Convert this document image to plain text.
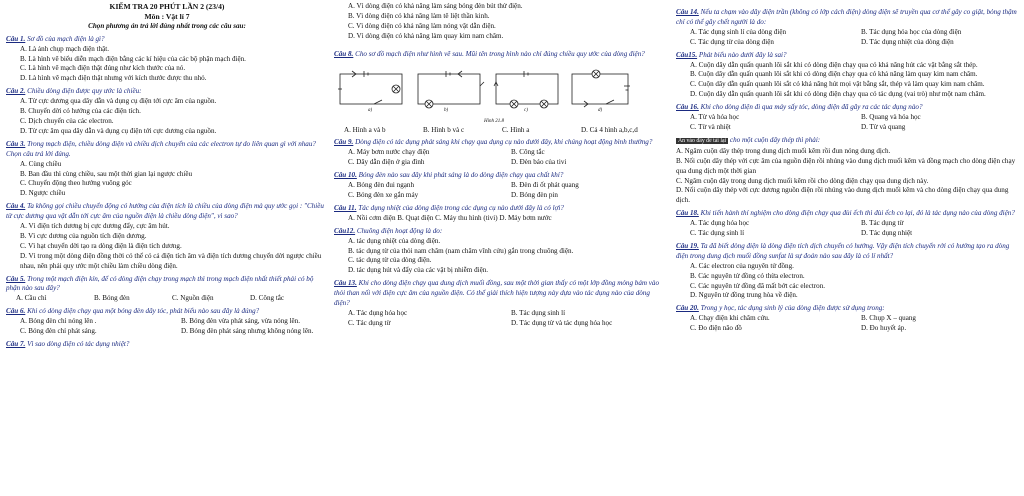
KIỂM TRA 20 PHÚT LẦN 2 (23/4)
Môn : Vật lí 7
Chọn phương án trả lời đúng nhất trong các câu sau:
Câu 1. Sơ đồ của mạch điện là gì?
A. Là ảnh chụp mạch điện thật.
B. Là hình vẽ biểu diễn mạch điện bằng các kí hiệu của các bộ phận mạch điện.
C. Là hình vẽ mạch điện thật đúng như kích thước của nó.
D. Là hình vẽ mạch điện thật nhưng với kích thước được thu nhỏ.
Câu 2. Chiều dòng điện được quy ước là chiều:
A. Từ cực dương qua dây dẫn và dụng cụ điện tới cực âm của nguồn.
B. Chuyển dời có hướng của các điện tích.
C. Dịch chuyển của các electron.
D. Từ cực âm qua dây dẫn và dụng cụ điện tới cực dương của nguồn.
Câu 3. Trong mạch điện, chiều dòng điện và chiều dịch chuyển của các electron tự do liên quan gì với nhau? Chọn câu trả lời đúng.
A. Cùng chiều
B. Ban đầu thì cùng chiều, sau một thời gian lại ngược chiều
C. Chuyển động theo hướng vuông góc
D. Ngược chiều
Câu 4. Ta không gọi chiều chuyển động có hướng của điện tích là chiều của dòng điện mà quy ước gọi : "Chiều từ cực dương qua vật dẫn tới cực âm của nguồn điện là chiều dòng điện", vì sao?
A. Vì điện tích dương bị cực dương đẩy, cực âm hút.
B. Vì cực dương của nguồn tích điện dương.
C. Vì hạt chuyển dời tạo ra dòng điện là điện tích dương.
D. Vì trong một dòng điện đồng thời có thể có cả điện tích âm và điện tích dương chuyển dời ngược chiều nhau, nên phải quy ước một chiều làm chiều dòng điện.
Câu 5. Trong một mạch điện kín, để có dòng điện chạy trong mạch thì trong mạch điện nhất thiết phải có bộ phận nào sau đây?
A. Cầu chì	B. Bóng đèn	C. Nguồn điện	D. Công tắc
Câu 6. Khi có dòng điện chạy qua một bóng đèn dây tóc, phát biểu nào sau đây là đúng?
A. Bóng đèn chỉ nóng lên .	B. Bóng đèn vừa phát sáng, vừa nóng lên.
C. Bóng đèn chỉ phát sáng.	D. Bóng đèn phát sáng nhưng không nóng lên.
Câu 7. Vì sao dòng điện có tác dụng nhiệt?
A. Vì dòng điện có khả năng làm sáng bóng đèn bút thử điện.
B. Vì dòng điện có khả năng làm tê liệt thần kinh.
C. Vì dòng điện có khả năng làm nóng vật dẫn điện.
D. Vì dòng điện có khả năng làm quay kim nam châm.
Câu 8. Cho sơ đồ mạch điện như hình vẽ sau. Mũi tên trong hình nào chỉ đúng chiều quy ước của dòng điện?
a)	b)	c)	d)
Hình 21.8
A. Hình a và b	B. Hình b và c	C. Hình a	D. Cả 4 hình a,b,c,d
Câu 9. Dòng điện có tác dụng phát sáng khi chạy qua dụng cụ nào dưới đây, khi chúng hoạt động bình thường?
A. Máy bơm nước chạy điện	B. Công tắc
C. Dây dẫn điện ở gia đình	D. Đèn báo của tivi
Câu 10. Bóng đèn nào sau đây khi phát sáng là do dòng điện chạy qua chất khí?
A. Bóng đèn đui ngạnh	B. Đèn đi ốt phát quang
C. Bóng đèn xe gắn máy	D. Bóng đèn pin
Câu 11. Tác dụng nhiệt của dòng điện trong các dụng cụ nào dưới đây là có lợi?
A. Nồi cơm điện B. Quạt điện C. Máy thu hình (tivi) D. Máy bơm nước
Câu12. Chuông điện hoạt động là do:
A. tác dụng nhiệt của dòng điện.
B. tác dụng từ của thỏi nam châm (nam châm vĩnh cửu) gắn trong chuông điện.
C. tác dụng từ của dòng điện.
D. tác dụng hút và đẩy của các vật bị nhiễm điện.
Câu 13. Khi cho dòng điện chạy qua dung dịch muối đồng, sau một thời gian thấy có một lớp đồng mỏng bám vào thỏi than nối với điện cực âm của nguồn điện. Có thể giải thích hiện tượng này dựa vào tác dụng nào của dòng điện?
A. Tác dụng hóa học	B. Tác dụng sinh lí
C. Tác dụng từ	D. Tác dụng từ và tác dụng hóa học
Câu 14. Nếu ta chạm vào dây điện trần (không có lớp cách điện) dòng điện sẽ truyền qua cơ thể gây co giật, bỏng thậm chí có thể gây chết người là do:
A. Tác dụng sinh lí của dòng điện	B. Tác dụng hóa học của dòng điện
C. Tác dụng từ của dòng điện	D. Tác dụng nhiệt của dòng điện
Câu15. Phát biểu nào dưới đây là sai?
A. Cuộn dây dẫn quấn quanh lõi sắt khi có dòng điện chạy qua có khả năng hút các vật bằng sắt thép.
B. Cuộn dây dẫn quấn quanh lõi sắt khi có dòng điện chạy qua có khả năng làm quay kim nam châm.
C. Cuộn dây dẫn quấn quanh lõi sắt có khả năng hút mọi vật bằng sắt, thép và làm quay kim nam châm.
D. Cuộn dây dẫn quấn quanh lõi sắt khi có dòng điện chạy qua có tác dụng (vai trò) như một nam châm.
Câu 16. Khi cho dòng điện đi qua máy sấy tóc, dòng điện đã gây ra các tác dụng nào?
A. Từ và hóa học	B. Quang và hóa học
C. Từ và nhiệt	D. Từ và quang
Ấn vào đây để tải lại cho một cuộn dây thép thì phải:
A. Ngâm cuộn dây thép trong dung dịch muối kẽm rồi đun nóng dung dịch.
B. Nối cuộn dây thép với cực âm của nguồn điện rồi nhúng vào dung dịch muối kẽm và đồng mạch cho dòng điện chạy qua dung dịch một thời gian
C. Ngâm cuộn dây trong dung dịch muối kẽm rồi cho dòng điện chạy qua dung dịch này.
D. Nối cuộn dây thép với cực dương nguồn điện rồi nhúng vào dung dịch muối kẽm và cho dòng điện chạy qua dung dịch.
Câu 18. Khi tiến hành thí nghiệm cho dòng điện chạy qua đùi ếch thì đùi ếch co lại, đó là tác dụng nào của dòng điện?
A. Tác dụng hóa học	B. Tác dụng từ
C. Tác dụng sinh lí	D. Tác dụng nhiệt
Câu 19. Ta đã biết dòng điện là dòng điện tích dịch chuyển có hướng. Vậy điện tích chuyển rời có hướng tạo ra dòng điện trong dung dịch muối đồng sunfat là sự đoán nào sau đây là có lí nhất?
A. Các electron của nguyên tử đồng.
B. Các nguyên tử đồng có thừa electron.
C. Các nguyên tử đồng đã mất bớt các electron.
D. Nguyên tử đồng trung hòa về điện.
Câu 20. Trong y học, tác dụng sinh lý của dòng điện được sử dụng trong:
A. Chạy điện khi châm cứu.	B. Chụp X – quang
C. Đo điện não đồ	D. Đo huyết áp.
